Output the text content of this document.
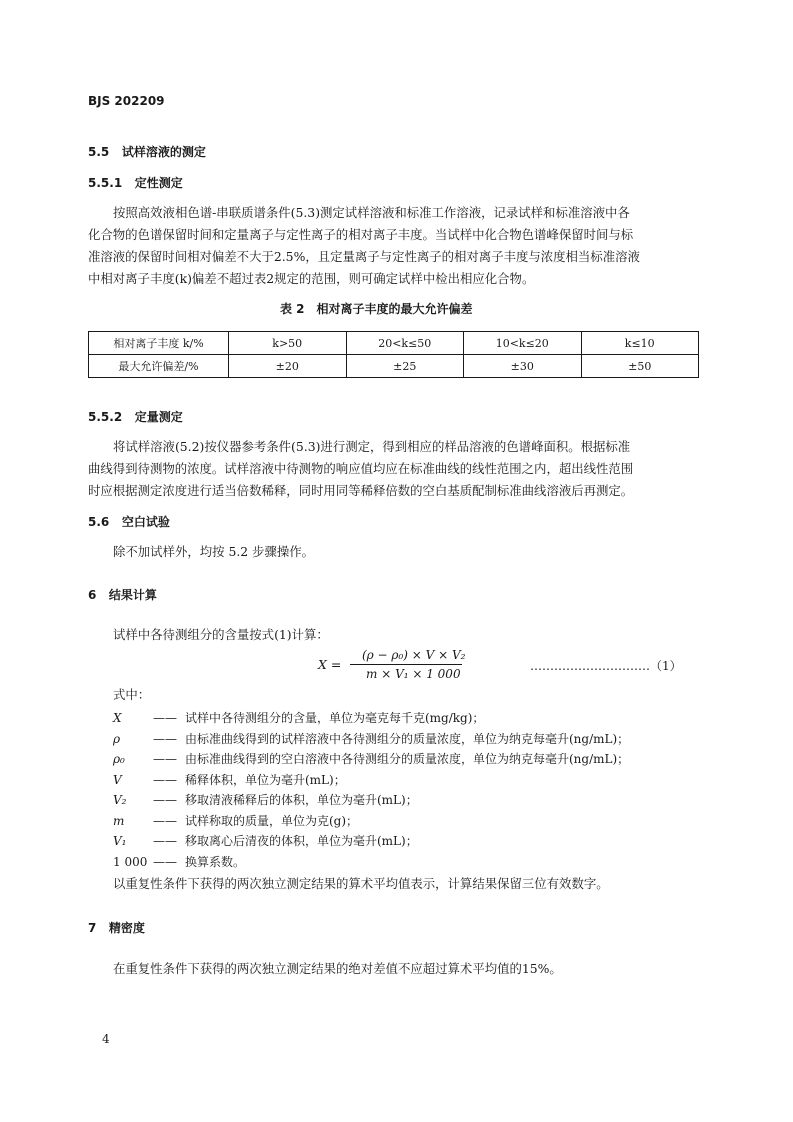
BJS 202209
5.5 试样溶液的测定
5.5.1 定性测定
按照高效液相色谱-串联质谱条件(5.3)测定试样溶液和标准工作溶液，记录试样和标准溶液中各
化合物的色谱保留时间和定量离子与定性离子的相对离子丰度。当试样中化合物色谱峰保留时间与标
准溶液的保留时间相对偏差不大于2.5%，且定量离子与定性离子的相对离子丰度与浓度相当标准溶液
中相对离子丰度(k)偏差不超过表2规定的范围，则可确定试样中检出相应化合物。
表 2　相对离子丰度的最大允许偏差
相对离子丰度 k/%	k>50	20<k≤50	10<k≤20	k≤10
最大允许偏差/%	±20	±25	±30	±50
5.5.2 定量测定
将试样溶液(5.2)按仪器参考条件(5.3)进行测定，得到相应的样品溶液的色谱峰面积。根据标准
曲线得到待测物的浓度。试样溶液中待测物的响应值均应在标准曲线的线性范围之内，超出线性范围
时应根据测定浓度进行适当倍数稀释，同时用同等稀释倍数的空白基质配制标准曲线溶液后再测定。
5.6 空白试验
除不加试样外，均按 5.2 步骤操作。
6 结果计算
试样中各待测组分的含量按式(1)计算：
X =
(ρ − ρ₀) × V × V₂
m × V₁ × 1 000
…………………………（1）
式中：
X	—— 试样中各待测组分的含量，单位为毫克每千克(mg/kg)；
ρ	—— 由标准曲线得到的试样溶液中各待测组分的质量浓度，单位为纳克每毫升(ng/mL)；
ρ₀ —— 由标准曲线得到的空白溶液中各待测组分的质量浓度，单位为纳克每毫升(ng/mL)；
V	—— 稀释体积，单位为毫升(mL)；
V₂ —— 移取清液稀释后的体积，单位为毫升(mL)；
m —— 试样称取的质量，单位为克(g)；
V₁ —— 移取离心后清夜的体积，单位为毫升(mL)；
1 000 —— 换算系数。
以重复性条件下获得的两次独立测定结果的算术平均值表示，计算结果保留三位有效数字。
7 精密度
在重复性条件下获得的两次独立测定结果的绝对差值不应超过算术平均值的15%。
4
